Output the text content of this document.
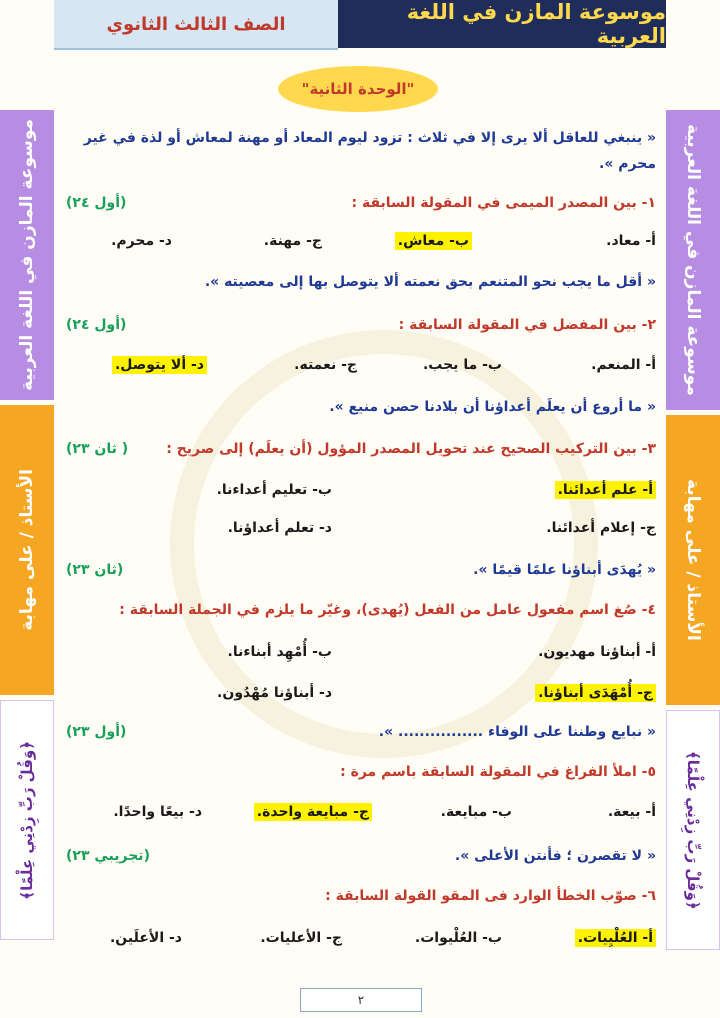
الصف الثالث الثانوي	موسوعة المازن في اللغة العربية
موسوعة المازن في اللغة العربية
الأستاذ / على مهابة
﴿وَقُلْ رَبِّ زِدْنِي عِلْمًا﴾
موسوعة المازن في اللغة العربية
الأستاذ / على مهابة
﴿وَقُلْ رَبِّ زِدْنِي عِلْمًا﴾
"الوحدة الثانية"
« ينبغي للعاقل ألا يرى إلا في ثلاث : تزود ليوم المعاد أو مهنة لمعاش أو لذة في غير
محرم ».
١- بين المصدر الميمى في المقولة السابقة :
(أول ٢٤)
أ- معاد.
ب- معاش.
ج- مهنة.
د- محرم.
« أقل ما يجب نحو المتنعم بحق نعمته ألا يتوصل بها إلى معصيته ».
٢- بين المفضل في المقولة السابقة :
(أول ٢٤)
أ- المنعم.
ب- ما يجب.
ج- نعمته.
د- ألا يتوصل.
« ما أروع أن يعلَم أعداؤنا أن بلادنا حصن منيع ».
٣- بين التركيب الصحيح عند تحويل المصدر المؤول (أن يعلَم) إلى صريح :
( ثان ٢٣)
أ- علم أعدائنا.
ب- تعليم أعداءنا.
ج- إعلام أعدائنا.
د- تعلم أعداؤنا.
« يُهدَى أبناؤنا علمًا قيمًا ».
(ثان ٢٣)
٤- صُغ اسم مفعول عامل من الفعل (يُهدى)، وغيّر ما يلزم في الجملة السابقة :
أ- أبناؤنا مهديون.
ب- أُمْهِد أبناءنا.
ج- أُمْهَدَى أبناؤنا.
د- أبناؤنا مُهْدُون.
« نبايع وطننا على الوفاء ................ ».
(أول ٢٣)
٥- املأ الفراغ في المقولة السابقة باسم مرة :
أ- بيعة.
ب- مبايعة.
ج- مبايعة واحدة.
د- بيعًا واحدًا.
« لا تقصرن ؛ فأنتن الأعلى ».
(تجريبي ٢٣)
٦- صوّب الخطأ الوارد فى المقو القولة السابقة :
أ- العُلْيِيات.
ب- العُلْيوات.
ج- الأعليات.
د- الأعلَين.
٢
